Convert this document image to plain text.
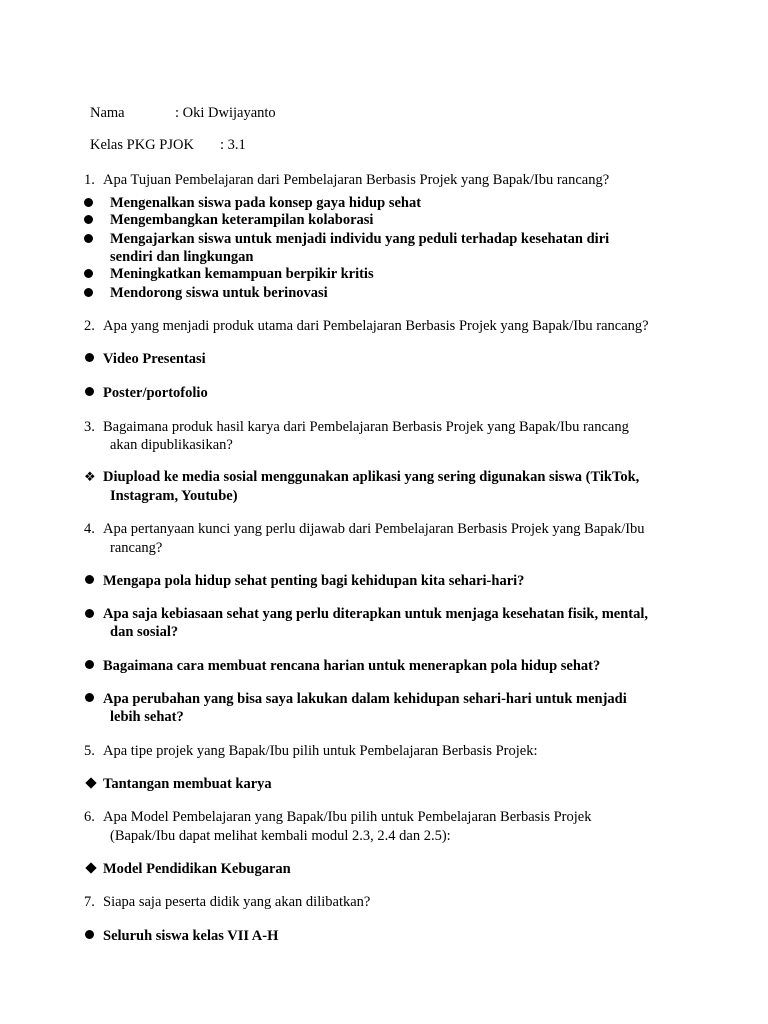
Nama	: Oki Dwijayanto
Kelas PKG PJOK : 3.1
1. Apa Tujuan Pembelajaran dari Pembelajaran Berbasis Projek yang Bapak/Ibu rancang?
Mengenalkan siswa pada konsep gaya hidup sehat
Mengembangkan keterampilan kolaborasi
Mengajarkan siswa untuk menjadi individu yang peduli terhadap kesehatan diri
sendiri dan lingkungan
Meningkatkan kemampuan berpikir kritis
Mendorong siswa untuk berinovasi
2. Apa yang menjadi produk utama dari Pembelajaran Berbasis Projek yang Bapak/Ibu rancang?
Video Presentasi
Poster/portofolio
3. Bagaimana produk hasil karya dari Pembelajaran Berbasis Projek yang Bapak/Ibu rancang
akan dipublikasikan?
❖ Diupload ke media sosial menggunakan aplikasi yang sering digunakan siswa (TikTok,
Instagram, Youtube)
4. Apa pertanyaan kunci yang perlu dijawab dari Pembelajaran Berbasis Projek yang Bapak/Ibu
rancang?
Mengapa pola hidup sehat penting bagi kehidupan kita sehari-hari?
Apa saja kebiasaan sehat yang perlu diterapkan untuk menjaga kesehatan fisik, mental,
dan sosial?
Bagaimana cara membuat rencana harian untuk menerapkan pola hidup sehat?
Apa perubahan yang bisa saya lakukan dalam kehidupan sehari-hari untuk menjadi
lebih sehat?
5. Apa tipe projek yang Bapak/Ibu pilih untuk Pembelajaran Berbasis Projek:
Tantangan membuat karya
6. Apa Model Pembelajaran yang Bapak/Ibu pilih untuk Pembelajaran Berbasis Projek
(Bapak/Ibu dapat melihat kembali modul 2.3, 2.4 dan 2.5):
Model Pendidikan Kebugaran
7. Siapa saja peserta didik yang akan dilibatkan?
Seluruh siswa kelas VII A-H
